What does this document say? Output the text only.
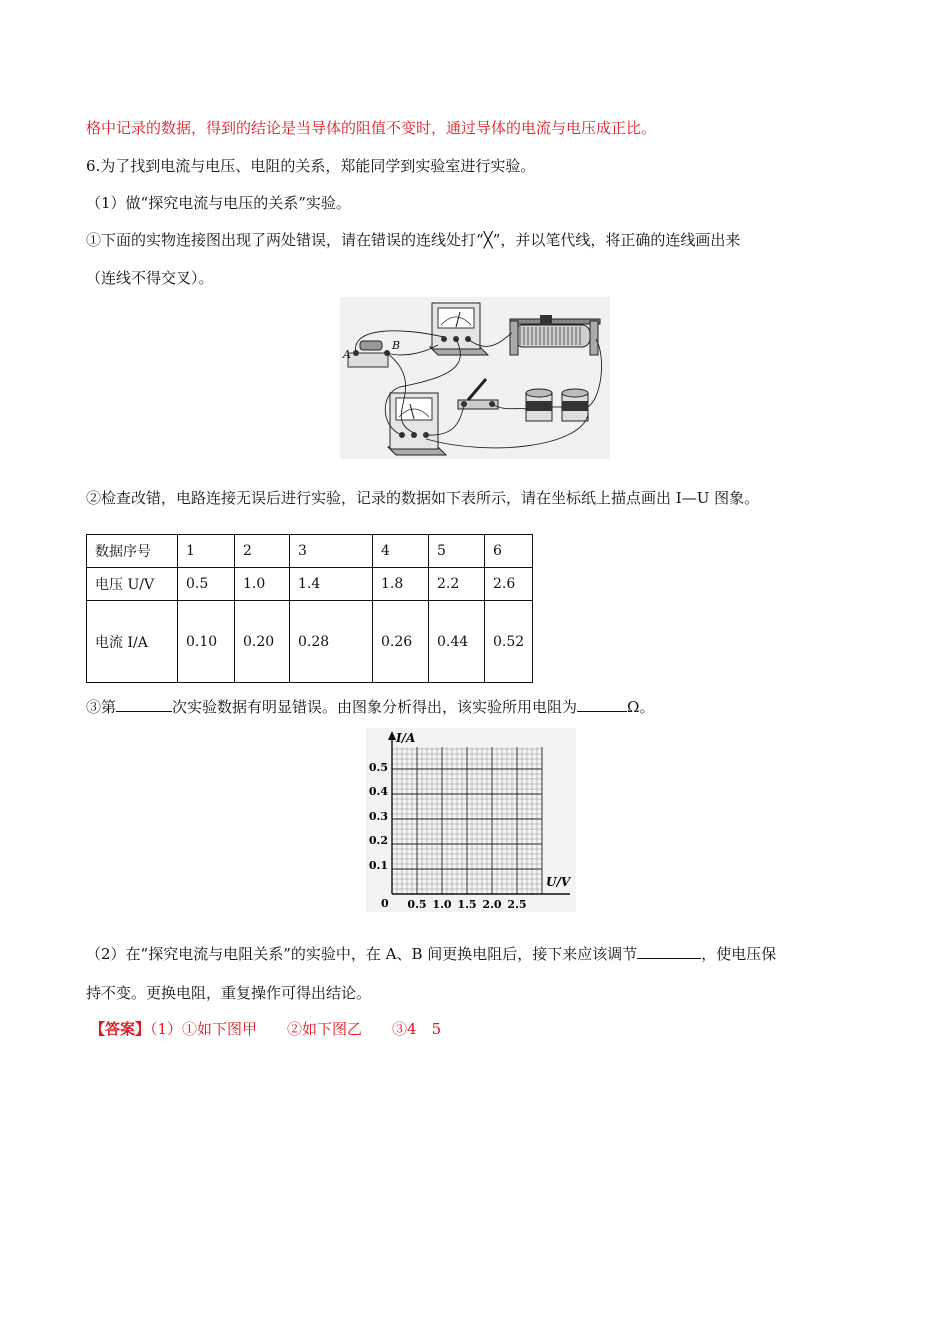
格中记录的数据，得到的结论是当导体的阻值不变时，通过导体的电流与电压成正比。
6.为了找到电流与电压、电阻的关系，郑能同学到实验室进行实验。
（1）做“探究电流与电压的关系”实验。
①下面的实物连接图出现了两处错误，请在错误的连线处打“╳”，并以笔代线，将正确的连线画出来
（连线不得交叉）。
A
B
②检查改错，电路连接无误后进行实验，记录的数据如下表所示，请在坐标纸上描点画出 I—U 图象。
数据序号	1	2	3	4	5	6
电压 U/V	0.5	1.0	1.4	1.8	2.2	2.6
电流 I/A	0.10	0.20	0.28	0.26	0.44	0.52
③第	次实验数据有明显错误。由图象分析得出，该实验所用电阻为	Ω。
I/A
U/V
0
0.5
0.4
0.3
0.2
0.1
0.5 1.0 1.5 2.0 2.5
（2）在“探究电流与电阻关系”的实验中，在 A、B 间更换电阻后，接下来应该调节	，使电压保
持不变。更换电阻，重复操作可得出结论。
【答案】（1）①如下图甲　　②如下图乙　　③4　5
